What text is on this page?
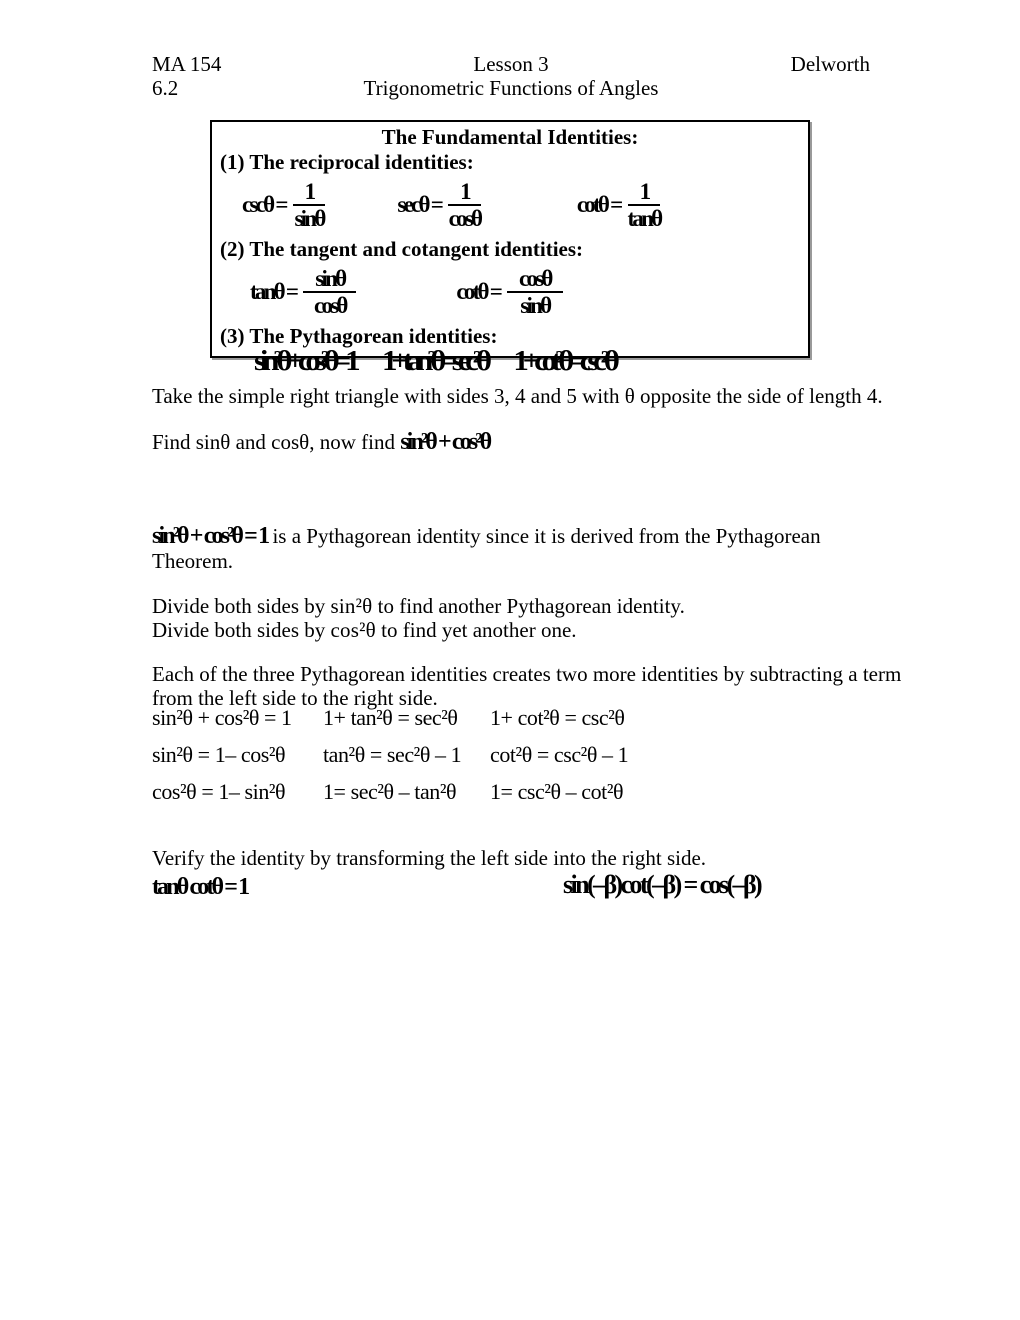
MA 154	Lesson 3	Delworth
6.2	Trigonometric Functions of Angles
The Fundamental Identities:
(1) The reciprocal identities:
$\csc\theta = \frac{1}{\sin\theta}$	$\sec\theta = \frac{1}{\cos\theta}$	$\cot\theta = \frac{1}{\tan\theta}$
(2) The tangent and cotangent identities:
$\tan\theta = \frac{\sin\theta}{\cos\theta}$	$\cot\theta = \frac{\cos\theta}{\sin\theta}$
(3) The Pythagorean identities:
sin²θ+cos²θ=1 1+tan²θ=sec²θ 1+cot²θ=csc²θ
Take the simple right triangle with sides 3, 4 and 5 with θ opposite the side of length 4.
Find sinθ and cosθ, now find sin²θ + cos²θ
sin²θ + cos²θ = 1 is a Pythagorean identity since it is derived from the Pythagorean
Theorem.
Divide both sides by sin²θ to find another Pythagorean identity.
Divide both sides by cos²θ to find yet another one.
Each of the three Pythagorean identities creates two more identities by subtracting a term
from the left side to the right side.
sin²θ + cos²θ = 1	1+ tan²θ = sec²θ	1+ cot²θ = csc²θ
sin²θ = 1– cos²θ	tan²θ = sec²θ – 1	cot²θ = csc²θ – 1
cos²θ = 1– sin²θ	1= sec²θ – tan²θ	1= csc²θ – cot²θ
Verify the identity by transforming the left side into the right side.
tanθ cotθ = 1	sin(–β)cot(–β) = cos(–β)
